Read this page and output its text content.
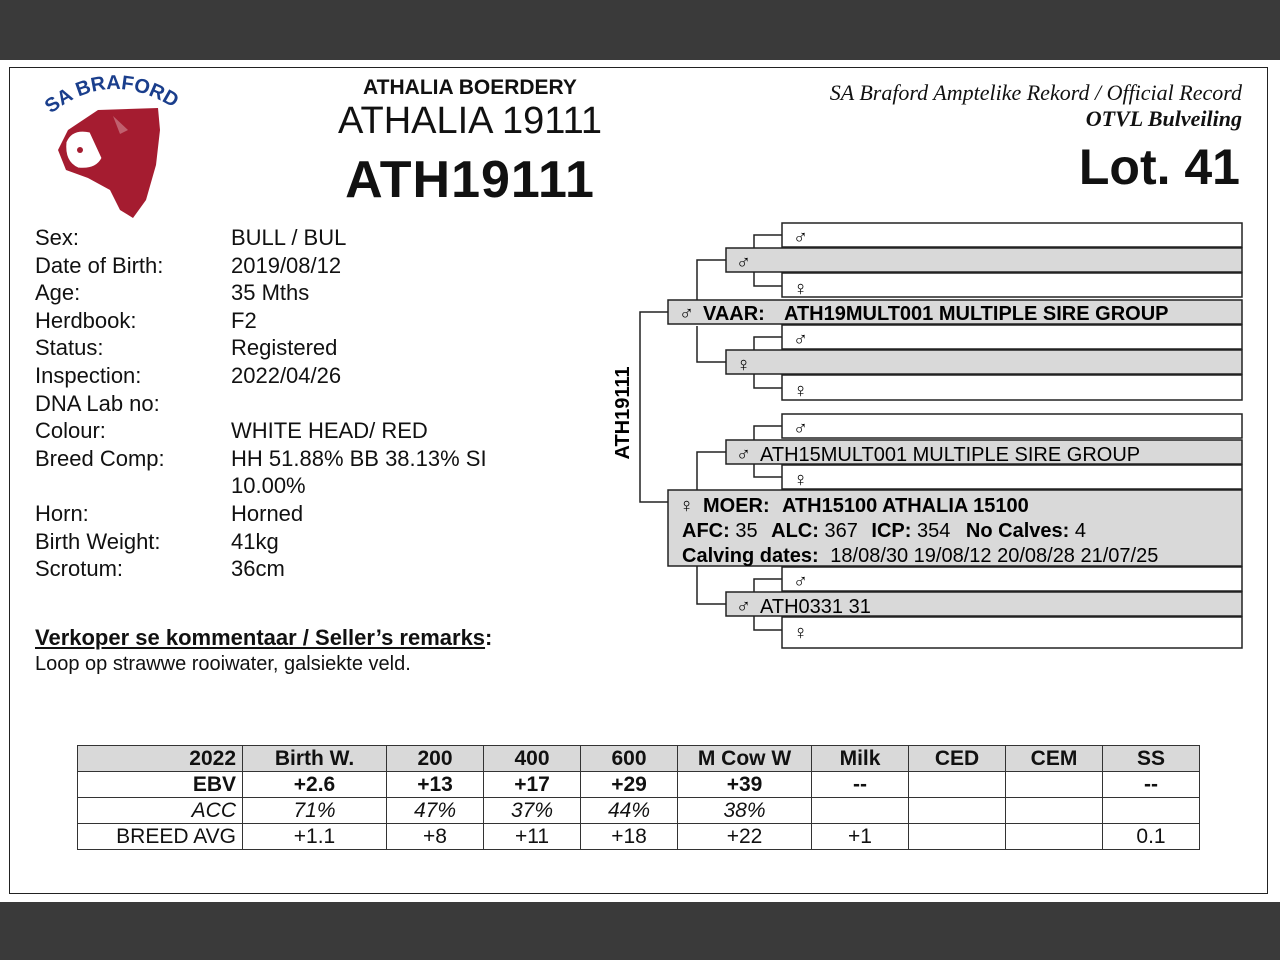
SA BRAFORD	ATHALIA BOERDERY
ATHALIA 19111
ATH19111
SA Braford Amptelike Rekord / Official Record
OTVL Bulveiling
Lot. 41
Sex:	BULL / BUL
Date of Birth:	2019/08/12
Age:	35 Mths
Herdbook:	F2
Status:	Registered
Inspection:	2022/04/26
DNA Lab no:
Colour:	WHITE HEAD/ RED
Breed Comp:	HH 51.88% BB 38.13% SI 10.00%
Horn:	Horned
Birth Weight:	41kg
Scrotum:	36cm
Verkoper se kommentaar / Seller’s remarks:
Loop op strawwe rooiwater, galsiekte veld.
ATH19111
♂
♂
♀
♂ VAAR: ATH19MULT001 MULTIPLE SIRE GROUP
♂
♀
♀
♂
♂ ATH15MULT001 MULTIPLE SIRE GROUP
♀
♀ MOER: ATH15100 ATHALIA 15100
AFC: 35 ALC: 367 ICP: 354 No Calves: 4
Calving dates: 18/08/30 19/08/12 20/08/28 21/07/25
♂
♂ ATH0331 31
♀
2022	Birth W.	200	400	600	M Cow W	Milk	CED	CEM	SS
EBV	+2.6	+13	+17	+29	+39	--			--
ACC	71%	47%	37%	44%	38%				
BREED AVG	+1.1	+8	+11	+18	+22	+1			0.1
